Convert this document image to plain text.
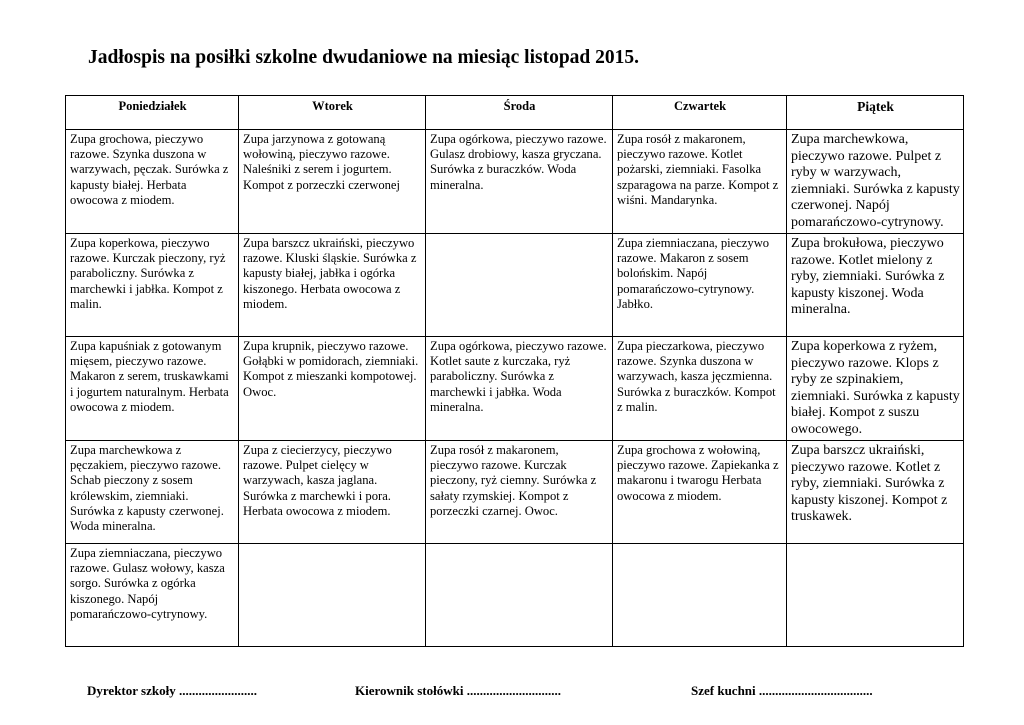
Jadłospis na posiłki szkolne dwudaniowe na miesiąc listopad 2015.
Poniedziałek	Wtorek	Środa	Czwartek	Piątek
Zupa grochowa, pieczywo razowe. Szynka duszona w warzywach, pęczak. Surówka z kapusty białej. Herbata owocowa z miodem.	Zupa jarzynowa z gotowaną wołowiną, pieczywo razowe. Naleśniki z serem i jogurtem. Kompot z porzeczki czerwonej	Zupa ogórkowa, pieczywo razowe. Gulasz drobiowy, kasza gryczana. Surówka z buraczków. Woda mineralna.	Zupa rosół z makaronem, pieczywo razowe. Kotlet pożarski, ziemniaki. Fasolka szparagowa na parze. Kompot z wiśni. Mandarynka.	Zupa marchewkowa, pieczywo razowe. Pulpet z ryby w warzywach, ziemniaki. Surówka z kapusty czerwonej. Napój pomarańczowo-cytrynowy.
Zupa koperkowa, pieczywo razowe. Kurczak pieczony, ryż paraboliczny. Surówka z marchewki i jabłka. Kompot z malin.	Zupa barszcz ukraiński, pieczywo razowe. Kluski śląskie. Surówka z kapusty białej, jabłka i ogórka kiszonego. Herbata owocowa z miodem.		Zupa ziemniaczana, pieczywo razowe. Makaron z sosem bolońskim. Napój pomarańczowo-cytrynowy. Jabłko.	Zupa brokułowa, pieczywo razowe. Kotlet mielony z ryby, ziemniaki. Surówka z kapusty kiszonej. Woda mineralna.
Zupa kapuśniak z gotowanym mięsem, pieczywo razowe. Makaron z serem, truskawkami i jogurtem naturalnym. Herbata owocowa z miodem.	Zupa krupnik, pieczywo razowe. Gołąbki w pomidorach, ziemniaki. Kompot z mieszanki kompotowej. Owoc.	Zupa ogórkowa, pieczywo razowe. Kotlet saute z kurczaka, ryż paraboliczny. Surówka z marchewki i jabłka. Woda mineralna.	Zupa pieczarkowa, pieczywo razowe. Szynka duszona w warzywach, kasza jęczmienna. Surówka z buraczków. Kompot z malin.	Zupa koperkowa z ryżem, pieczywo razowe. Klops z ryby ze szpinakiem, ziemniaki. Surówka z kapusty białej. Kompot z suszu owocowego.
Zupa marchewkowa z pęczakiem, pieczywo razowe. Schab pieczony z sosem królewskim, ziemniaki. Surówka z kapusty czerwonej. Woda mineralna.	Zupa z ciecierzycy, pieczywo razowe. Pulpet cielęcy w warzywach, kasza jaglana. Surówka z marchewki i pora. Herbata owocowa z miodem.	Zupa rosół z makaronem, pieczywo razowe. Kurczak pieczony, ryż ciemny. Surówka z sałaty rzymskiej. Kompot z porzeczki czarnej. Owoc.	Zupa grochowa z wołowiną, pieczywo razowe. Zapiekanka z makaronu i twarogu Herbata owocowa z miodem.	Zupa barszcz ukraiński, pieczywo razowe. Kotlet z ryby, ziemniaki. Surówka z kapusty kiszonej. Kompot z truskawek.
Zupa ziemniaczana, pieczywo razowe. Gulasz wołowy, kasza sorgo. Surówka z ogórka kiszonego. Napój pomarańczowo-cytrynowy.				
Dyrektor szkoły ........................	Kierownik stołówki .............................	Szef kuchni ...................................
